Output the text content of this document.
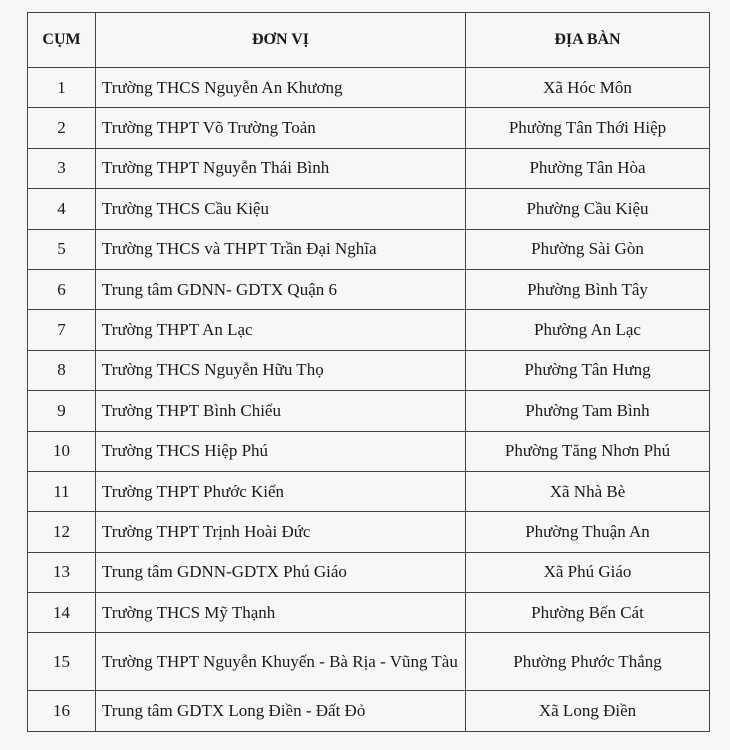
CỤM	ĐƠN VỊ	ĐỊA BÀN
1	Trường THCS Nguyễn An Khương	Xã Hóc Môn
2	Trường THPT Võ Trường Toản	Phường Tân Thới Hiệp
3	Trường THPT Nguyễn Thái Bình	Phường Tân Hòa
4	Trường THCS Cầu Kiệu	Phường Cầu Kiệu
5	Trường THCS và THPT Trần Đại Nghĩa	Phường Sài Gòn
6	Trung tâm GDNN- GDTX Quận 6	Phường Bình Tây
7	Trường THPT An Lạc	Phường An Lạc
8	Trường THCS Nguyễn Hữu Thọ	Phường Tân Hưng
9	Trường THPT Bình Chiểu	Phường Tam Bình
10	Trường THCS Hiệp Phú	Phường Tăng Nhơn Phú
11	Trường THPT Phước Kiển	Xã Nhà Bè
12	Trường THPT Trịnh Hoài Đức	Phường Thuận An
13	Trung tâm GDNN-GDTX Phú Giáo	Xã Phú Giáo
14	Trường THCS Mỹ Thạnh	Phường Bến Cát
15	Trường THPT Nguyễn Khuyến - Bà Rịa - Vũng Tàu	Phường Phước Thắng
16	Trung tâm GDTX Long Điền - Đất Đỏ	Xã Long Điền
